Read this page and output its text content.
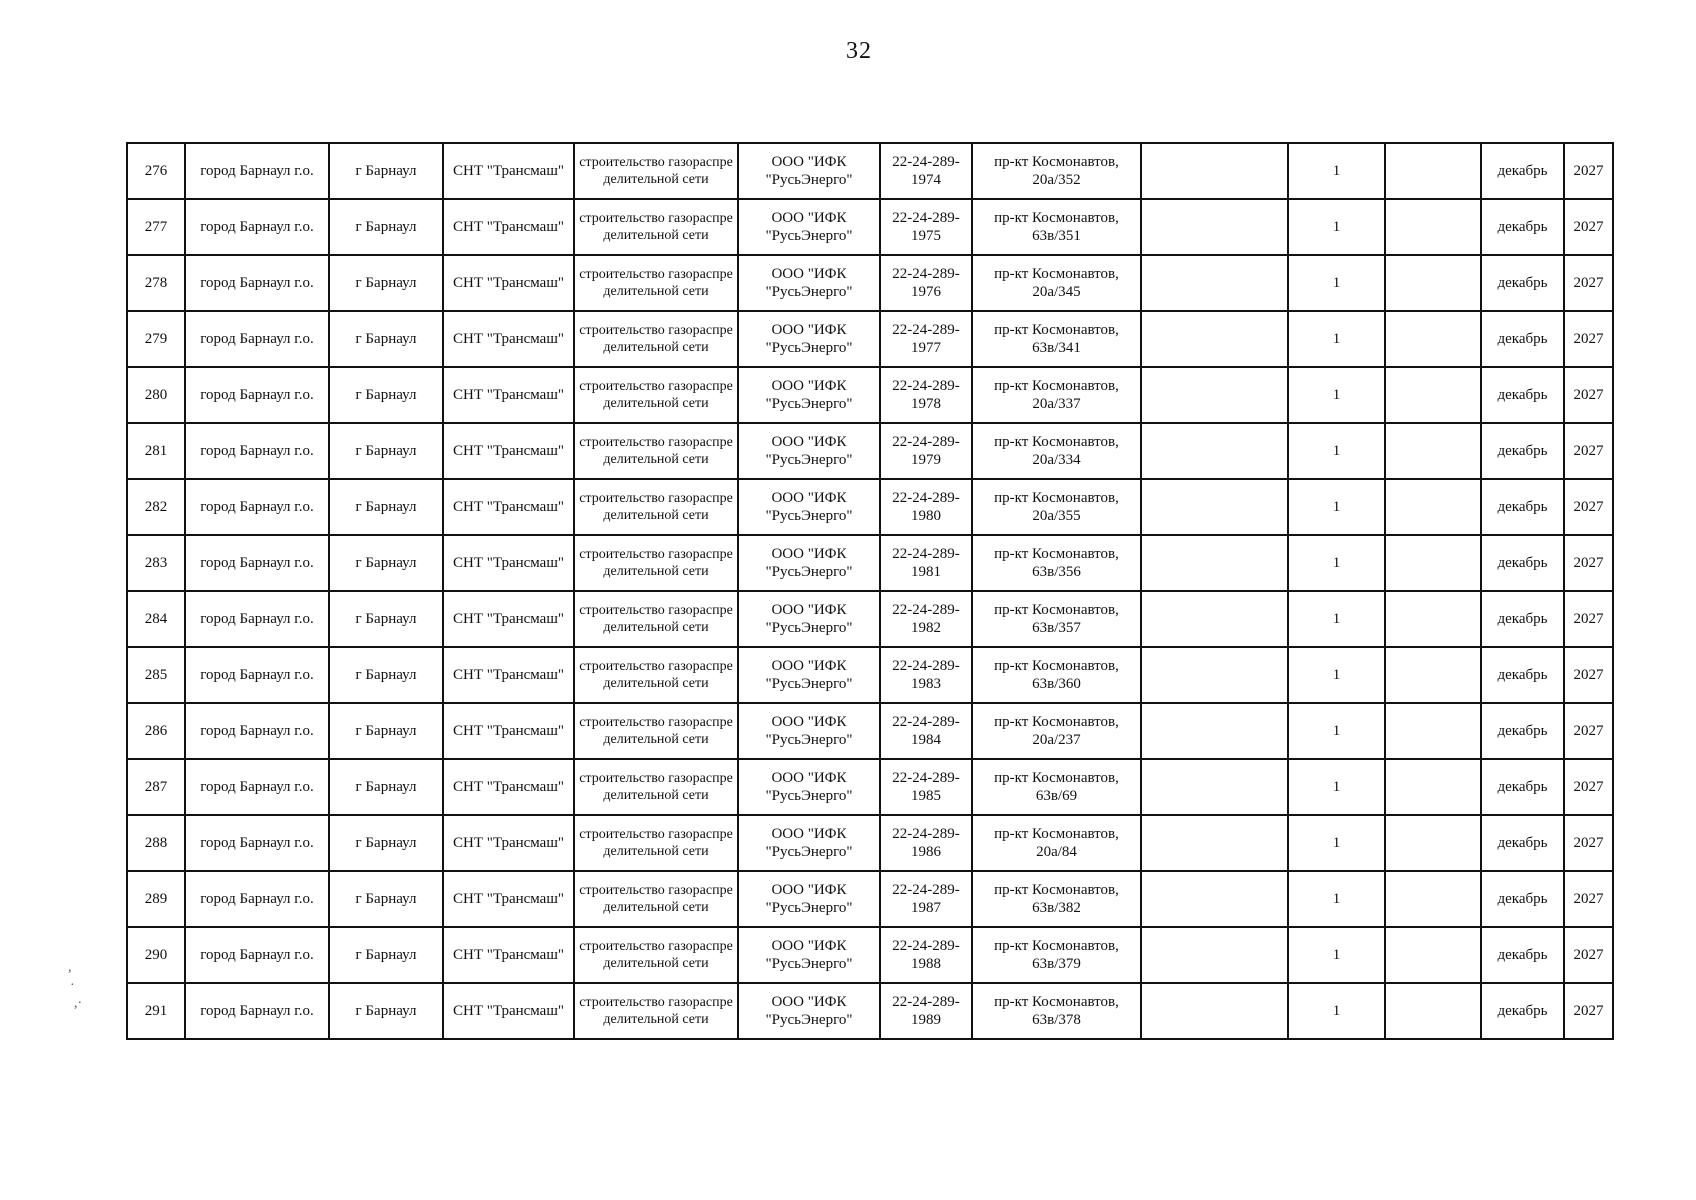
32
276	город Барнаул г.о.	г Барнаул	СНТ "Трансмаш"	строительство газораспределительной сети	ООО "ИФК "РусьЭнерго"	22-24-289-1974	пр-кт Космонавтов, 20а/352		1		декабрь	2027
277	город Барнаул г.о.	г Барнаул	СНТ "Трансмаш"	строительство газораспределительной сети	ООО "ИФК "РусьЭнерго"	22-24-289-1975	пр-кт Космонавтов, 63в/351		1		декабрь	2027
278	город Барнаул г.о.	г Барнаул	СНТ "Трансмаш"	строительство газораспределительной сети	ООО "ИФК "РусьЭнерго"	22-24-289-1976	пр-кт Космонавтов, 20а/345		1		декабрь	2027
279	город Барнаул г.о.	г Барнаул	СНТ "Трансмаш"	строительство газораспределительной сети	ООО "ИФК "РусьЭнерго"	22-24-289-1977	пр-кт Космонавтов, 63в/341		1		декабрь	2027
280	город Барнаул г.о.	г Барнаул	СНТ "Трансмаш"	строительство газораспределительной сети	ООО "ИФК "РусьЭнерго"	22-24-289-1978	пр-кт Космонавтов, 20а/337		1		декабрь	2027
281	город Барнаул г.о.	г Барнаул	СНТ "Трансмаш"	строительство газораспределительной сети	ООО "ИФК "РусьЭнерго"	22-24-289-1979	пр-кт Космонавтов, 20а/334		1		декабрь	2027
282	город Барнаул г.о.	г Барнаул	СНТ "Трансмаш"	строительство газораспределительной сети	ООО "ИФК "РусьЭнерго"	22-24-289-1980	пр-кт Космонавтов, 20а/355		1		декабрь	2027
283	город Барнаул г.о.	г Барнаул	СНТ "Трансмаш"	строительство газораспределительной сети	ООО "ИФК "РусьЭнерго"	22-24-289-1981	пр-кт Космонавтов, 63в/356		1		декабрь	2027
284	город Барнаул г.о.	г Барнаул	СНТ "Трансмаш"	строительство газораспределительной сети	ООО "ИФК "РусьЭнерго"	22-24-289-1982	пр-кт Космонавтов, 63в/357		1		декабрь	2027
285	город Барнаул г.о.	г Барнаул	СНТ "Трансмаш"	строительство газораспределительной сети	ООО "ИФК "РусьЭнерго"	22-24-289-1983	пр-кт Космонавтов, 63в/360		1		декабрь	2027
286	город Барнаул г.о.	г Барнаул	СНТ "Трансмаш"	строительство газораспределительной сети	ООО "ИФК "РусьЭнерго"	22-24-289-1984	пр-кт Космонавтов, 20а/237		1		декабрь	2027
287	город Барнаул г.о.	г Барнаул	СНТ "Трансмаш"	строительство газораспределительной сети	ООО "ИФК "РусьЭнерго"	22-24-289-1985	пр-кт Космонавтов, 63в/69		1		декабрь	2027
288	город Барнаул г.о.	г Барнаул	СНТ "Трансмаш"	строительство газораспределительной сети	ООО "ИФК "РусьЭнерго"	22-24-289-1986	пр-кт Космонавтов, 20а/84		1		декабрь	2027
289	город Барнаул г.о.	г Барнаул	СНТ "Трансмаш"	строительство газораспределительной сети	ООО "ИФК "РусьЭнерго"	22-24-289-1987	пр-кт Космонавтов, 63в/382		1		декабрь	2027
290	город Барнаул г.о.	г Барнаул	СНТ "Трансмаш"	строительство газораспределительной сети	ООО "ИФК "РусьЭнерго"	22-24-289-1988	пр-кт Космонавтов, 63в/379		1		декабрь	2027
291	город Барнаул г.о.	г Барнаул	СНТ "Трансмаш"	строительство газораспределительной сети	ООО "ИФК "РусьЭнерго"	22-24-289-1989	пр-кт Космонавтов, 63в/378		1		декабрь	2027
,
·
,·
